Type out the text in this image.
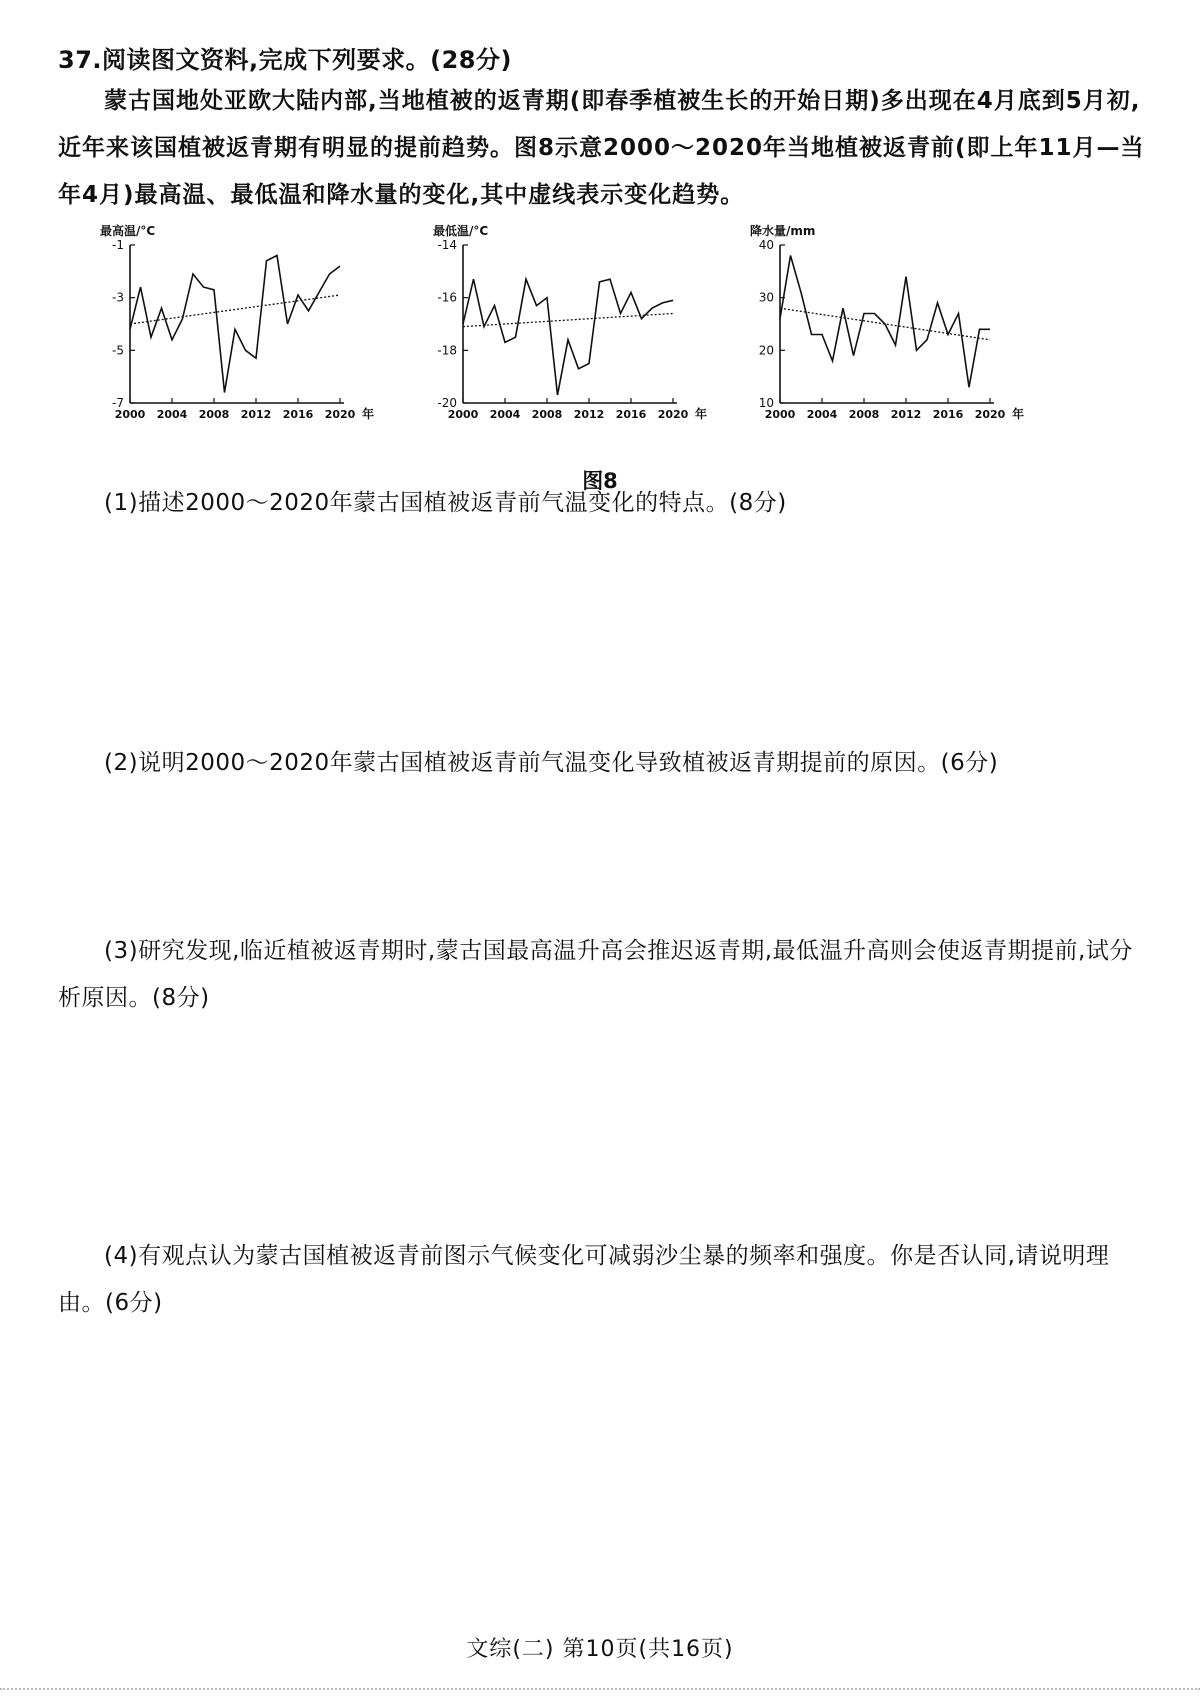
37.阅读图文资料,完成下列要求。(28分)
蒙古国地处亚欧大陆内部,当地植被的返青期(即春季植被生长的开始日期)多出现在4月底到5月初,近年来该国植被返青期有明显的提前趋势。图8示意2000～2020年当地植被返青前(即上年11月—当年4月)最高温、最低温和降水量的变化,其中虚线表示变化趋势。
最高温/°C
-1
-3
-5
-7
2000 2004 2008 2012 2016 2020 年
最低温/°C
-14
-16
-18
-20
2000 2004 2008 2012 2016 2020 年
降水量/mm
40
30
20
10
2000 2004 2008 2012 2016 2020 年
图8
(1)描述2000～2020年蒙古国植被返青前气温变化的特点。(8分)
(2)说明2000～2020年蒙古国植被返青前气温变化导致植被返青期提前的原因。(6分)
(3)研究发现,临近植被返青期时,蒙古国最高温升高会推迟返青期,最低温升高则会使返青期提前,试分析原因。(8分)
(4)有观点认为蒙古国植被返青前图示气候变化可减弱沙尘暴的频率和强度。你是否认同,请说明理由。(6分)
文综(二) 第10页(共16页)
